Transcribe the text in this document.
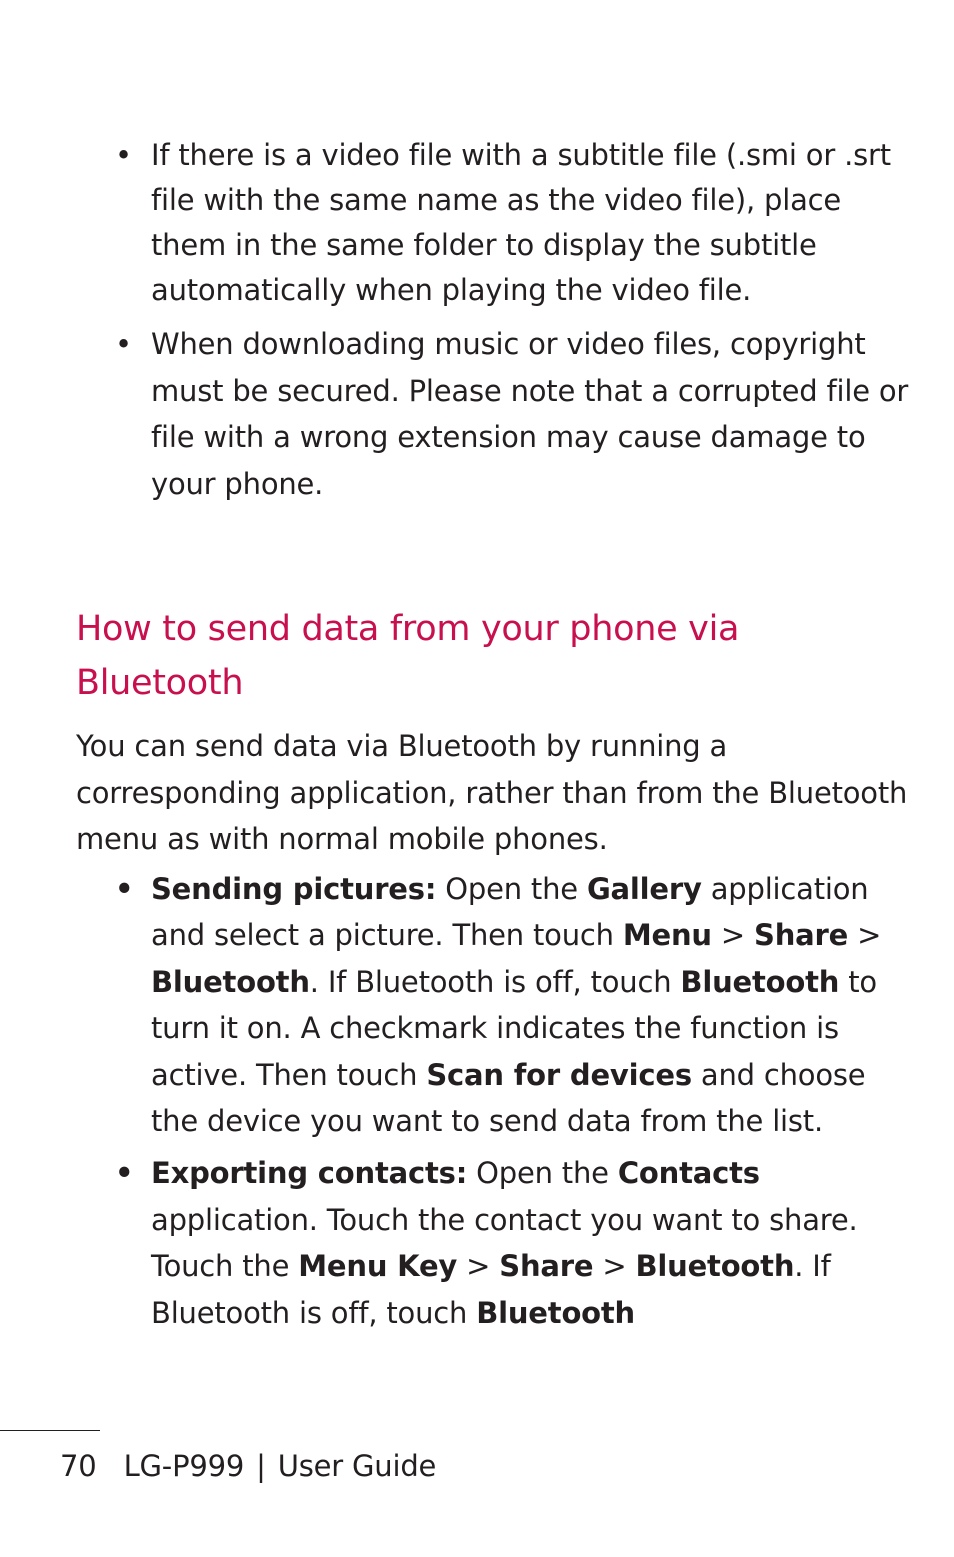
• If there is a video file with a subtitle file (.smi or .srt file with the same name as the video file), place them in the same folder to display the subtitle automatically when playing the video file.
• When downloading music or video files, copyright must be secured. Please note that a corrupted file or file with a wrong extension may cause damage to your phone.
How to send data from your phone via Bluetooth

You can send data via Bluetooth by running a corresponding application, rather than from the Bluetooth menu as with normal mobile phones.

• Sending pictures: Open the Gallery application and select a picture. Then touch Menu > Share > Bluetooth. If Bluetooth is off, touch Bluetooth to turn it on. A checkmark indicates the function is active. Then touch Scan for devices and choose the device you want to send data from the list.
• Exporting contacts: Open the Contacts application. Touch the contact you want to share. Touch the Menu Key > Share > Bluetooth. If Bluetooth is off, touch Bluetooth
70 LG-P999 | User Guide
